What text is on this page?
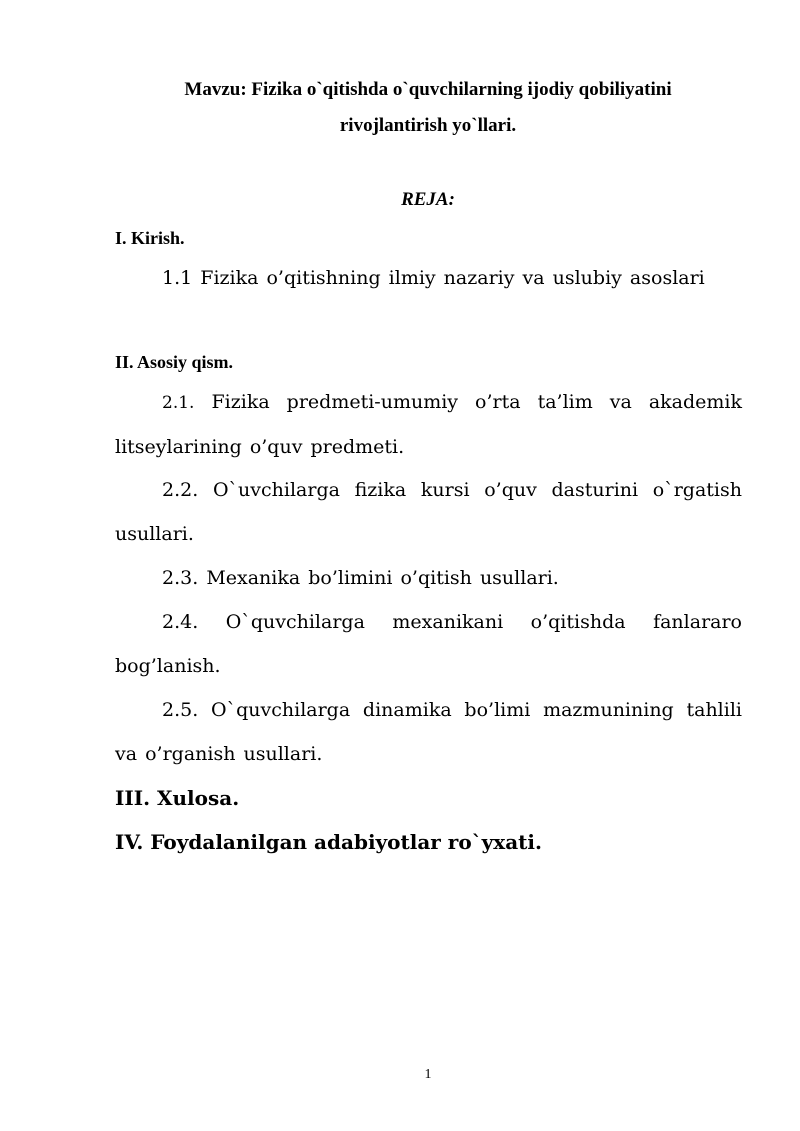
Mavzu: Fizika o`qitishda o`quvchilarning ijodiy qobiliyatini
rivojlantirish yo`llari.
REJA:
I. Kirish.
1.1 Fizika o’qitishning ilmiy nazariy va uslubiy asoslari
II. Asosiy qism.
2.1. Fizika predmeti-umumiy o’rta ta’lim va akademik litseylarining o’quv predmeti.
2.2. O`uvchilarga fizika kursi o’quv dasturini o`rgatish usullari.
2.3. Mexanika bo’limini o’qitish usullari.
2.4. O`quvchilarga mexanikani o’qitishda fanlararo bog’lanish.
2.5. O`quvchilarga dinamika bo’limi mazmunining tahlili va o’rganish usullari.
III. Xulosa.
IV. Foydalanilgan adabiyotlar ro`yxati.
1
